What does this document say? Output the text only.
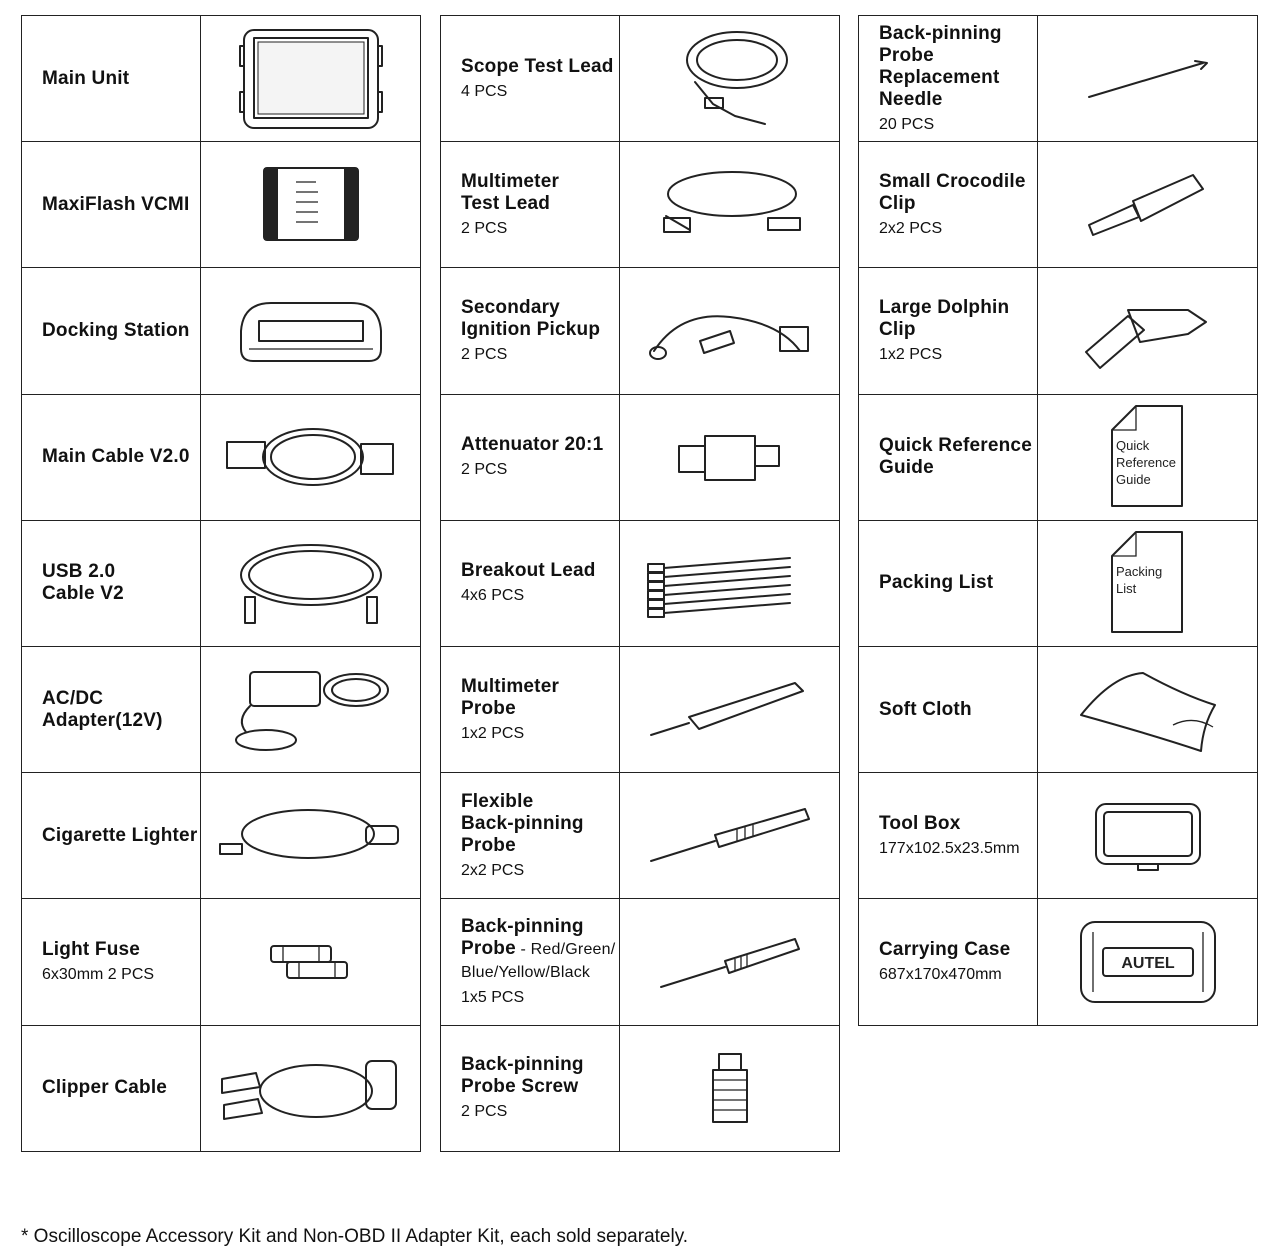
Main Unit
MaxiFlash VCMI
Docking Station
Main Cable V2.0
USB 2.0
Cable V2
AC/DC
Adapter(12V)
Cigarette Lighter
Light Fuse
6x30mm 2 PCS
Clipper Cable
Scope Test Lead
4 PCS
Multimeter
Test Lead
2 PCS
Secondary
Ignition Pickup
2 PCS
Attenuator 20:1
2 PCS
Breakout Lead
4x6 PCS
Multimeter
Probe
1x2 PCS
Flexible
Back-pinning
Probe
2x2 PCS
Back-pinning
Probe - Red/Green/
Blue/Yellow/Black
1x5 PCS
Back-pinning
Probe Screw
2 PCS
Back-pinning
Probe
Replacement
Needle
20 PCS
Small Crocodile
Clip
2x2 PCS
Large Dolphin
Clip
1x2 PCS
Quick Reference
Guide
Quick Reference Guide
Packing List
Packing List
Soft Cloth
Tool Box
177x102.5x23.5mm
Carrying Case
687x170x470mm
AUTEL
* Oscilloscope Accessory Kit and Non-OBD II Adapter Kit, each sold separately.
